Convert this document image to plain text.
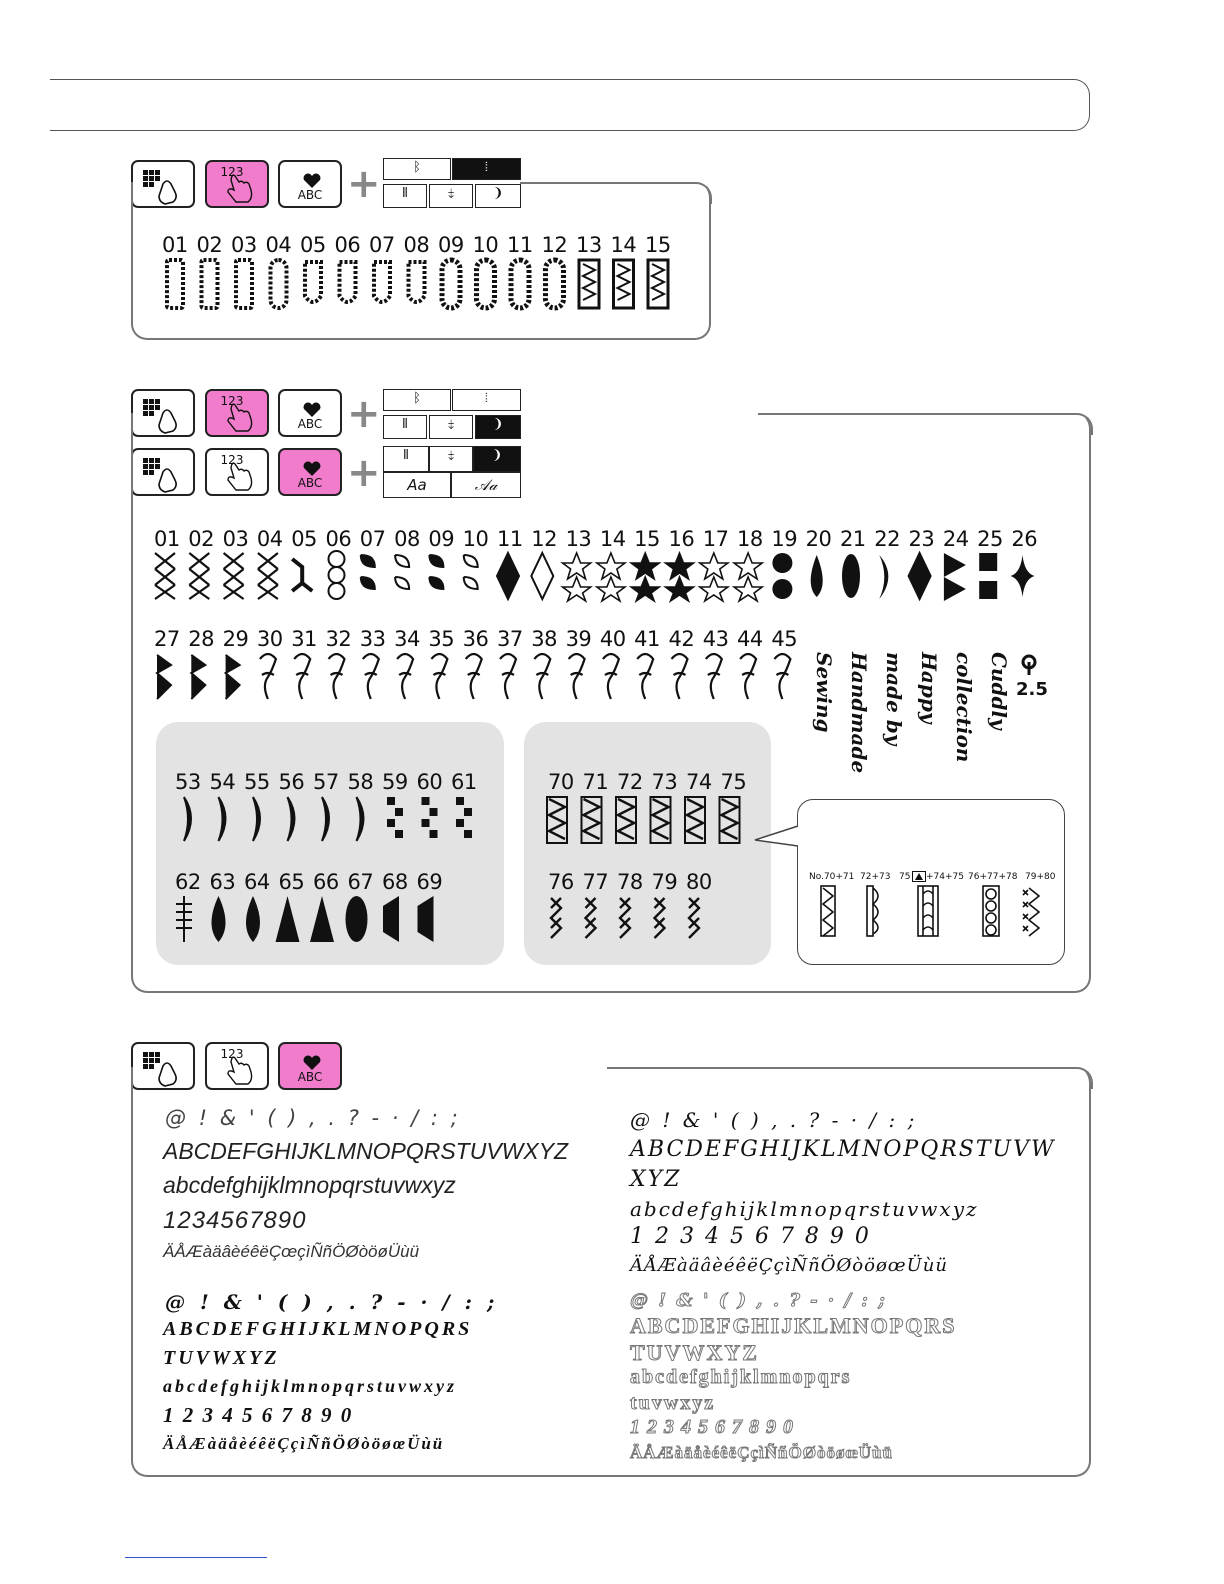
123
ABC +	ᛒ	⦙
⫴	⤈	❩
01 02 03 04 05 06 07 08 09 10 11 12 13 14 15
123
ABC +	ᛒ	⦙
⫴	⤈	❩
123
ABC +	⫴	⤈	❩
Aa	𝒜𝒶
01 02 03 04 05 06 07 08 09 10 11 12 13 14 15 16 17 18 19 20 21 22 23 24 25 26
27 28 29 30 31 32 33 34 35 36 37 38 39 40 41 42 43 44 45
Sewing Handmade made by Happy collection Cuddly 2.5
53 54 55 56 57 58 59 60 61
62 63 64 65 66 67 68 69
70 71 72 73 74 75
76 77 78 79 80	No.70+71 72+73 75 +74+75 76+77+78 79+80
123
ABC
@ ! & ' ( ) , . ? - · / : ;
ABCDEFGHIJKLMNOPQRSTUVWXYZ
abcdefghijklmnopqrstuvwxyz
1234567890
ÄÅÆàäâèéêëÇœçìÑñÖØòöøÜùü
@ ! & ' ( ) , . ? - · / : ;
ABCDEFGHIJKLMNOPQRS
TUVWXYZ
abcdefghijklmnopqrstuvwxyz
1 2 3 4 5 6 7 8 9 0
ÄÅÆàäåèéêëÇçìÑñÖØòöøœÜùü
@ ! & ' ( ) , . ? - · / : ;
ABCDEFGHIJKLMNOPQRSTUVW
XYZ
abcdefghijklmnopqrstuvwxyz
1 2 3 4 5 6 7 8 9 0
ÄÅÆàäâèéêëÇçìÑñÖØòöøœÜùü
@ ! & ' ( ) , . ? - · / : ;
ABCDEFGHIJKLMNOPQRS
TUVWXYZ
abcdefghijklmnopqrs
tuvwxyz
1 2 3 4 5 6 7 8 9 0
ÄÅÆàäåèéêëÇçìÑñÖØòöøœÜùü
